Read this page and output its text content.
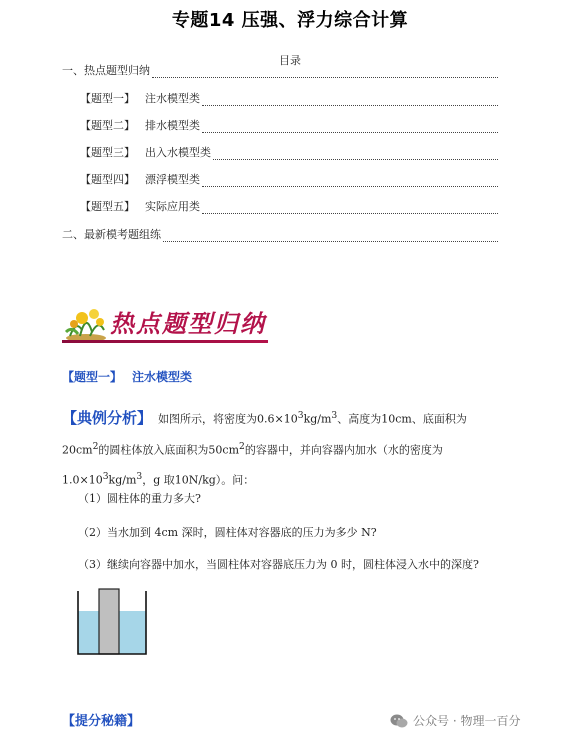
专题14 压强、浮力综合计算
目录
一、热点题型归纳
【题型一】 注水模型类
【题型二】 排水模型类
【题型三】 出入水模型类
【题型四】 漂浮模型类
【题型五】 实际应用类
二、最新模考题组练
热点题型归纳
【题型一】 注水模型类
【典例分析】 如图所示，将密度为$0.6\times 10^3kg/m^3$、高度为10cm、底面积为$20cm^2$的圆柱体放入底面积为$50cm^2$的容器中，并向容器内加水（水的密度为$1.0\times 10^3kg/m^3$，g 取10N/kg）。问：
（1）圆柱体的重力多大?
（2）当水加到 4cm 深时，圆柱体对容器底的压力为多少 N?
（3）继续向容器中加水，当圆柱体对容器底压力为 0 时，圆柱体浸入水中的深度?
【提分秘籍】	公众号 · 物理一百分
